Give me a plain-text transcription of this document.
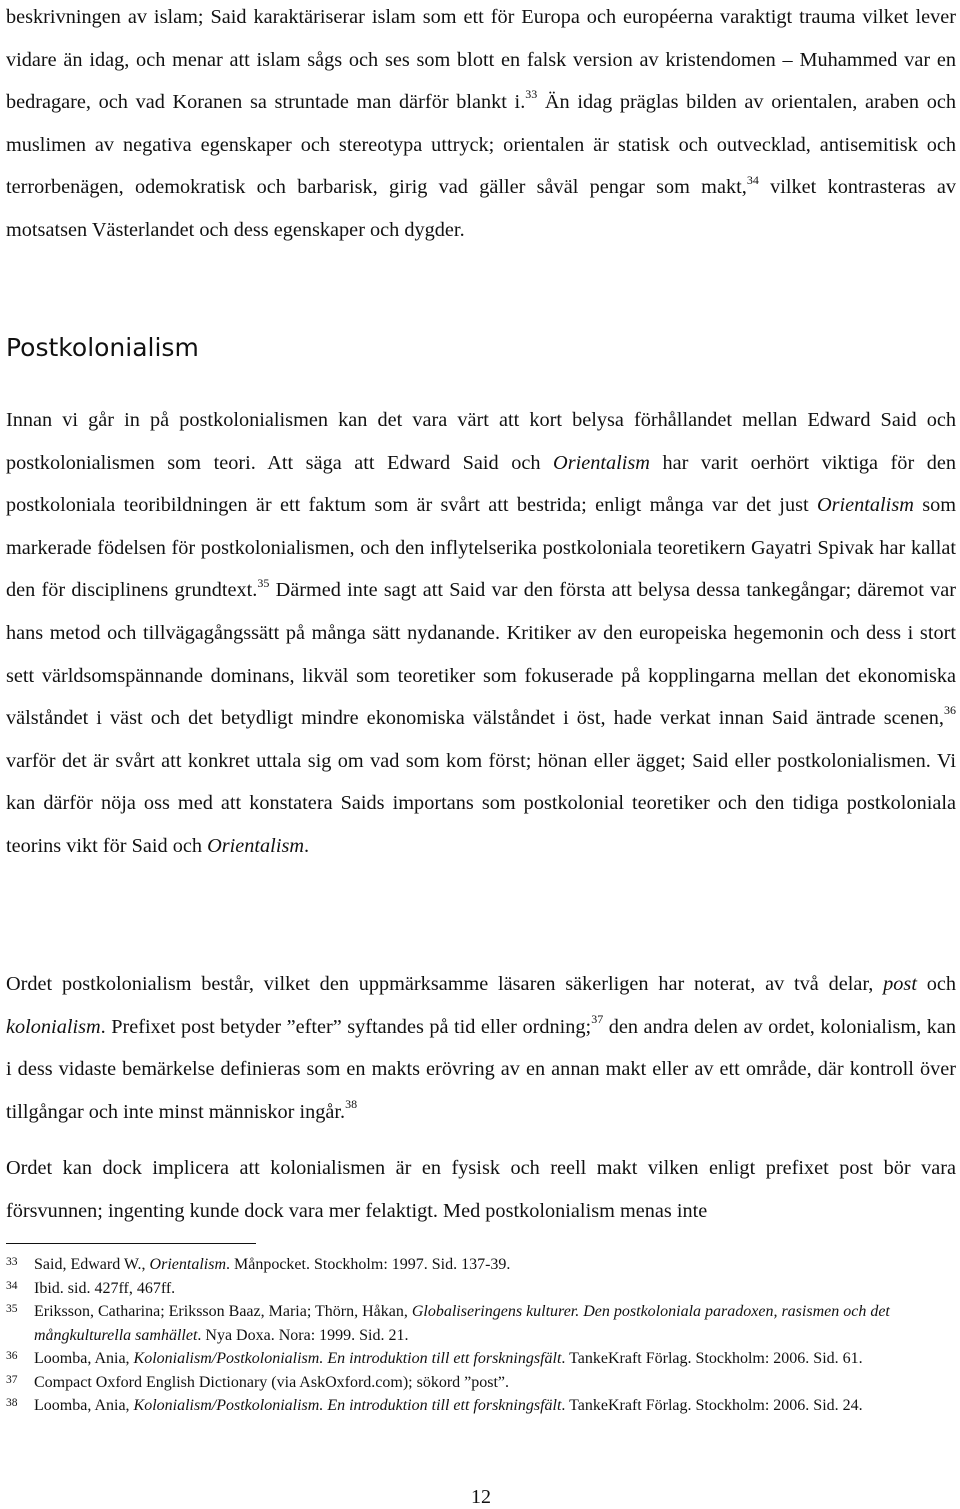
beskrivningen av islam; Said karaktäriserar islam som ett för Europa och européerna varaktigt trauma vilket lever vidare än idag, och menar att islam sågs och ses som blott en falsk version av kristendomen – Muhammed var en bedragare, och vad Koranen sa struntade man därför blankt i.$^{33}$ Än idag präglas bilden av orientalen, araben och muslimen av negativa egenskaper och stereotypa uttryck; orientalen är statisk och outvecklad, antisemitisk och terrorbenägen, odemokratisk och barbarisk, girig vad gäller såväl pengar som makt,$^{34}$ vilket kontrasteras av motsatsen Västerlandet och dess egenskaper och dygder.

Postkolonialism

Innan vi går in på postkolonialismen kan det vara värt att kort belysa förhållandet mellan Edward Said och postkolonialismen som teori. Att säga att Edward Said och Orientalism har varit oerhört viktiga för den postkoloniala teoribildningen är ett faktum som är svårt att bestrida; enligt många var det just Orientalism som markerade födelsen för postkolonialismen, och den inflytelserika postkoloniala teoretikern Gayatri Spivak har kallat den för disciplinens grundtext.$^{35}$ Därmed inte sagt att Said var den första att belysa dessa tankegångar; däremot var hans metod och tillvägagångssätt på många sätt nydanande. Kritiker av den europeiska hegemonin och dess i stort sett världsomspännande dominans, likväl som teoretiker som fokuserade på kopplingarna mellan det ekonomiska välståndet i väst och det betydligt mindre ekonomiska välståndet i öst, hade verkat innan Said äntrade scenen,$^{36}$ varför det är svårt att konkret uttala sig om vad som kom först; hönan eller ägget; Said eller postkolonialismen. Vi kan därför nöja oss med att konstatera Saids importans som postkolonial teoretiker och den tidiga postkoloniala teorins vikt för Said och Orientalism.

Ordet postkolonialism består, vilket den uppmärksamme läsaren säkerligen har noterat, av två delar, post och kolonialism. Prefixet post betyder ”efter” syftandes på tid eller ordning;$^{37}$ den andra delen av ordet, kolonialism, kan i dess vidaste bemärkelse definieras som en makts erövring av en annan makt eller av ett område, där kontroll över tillgångar och inte minst människor ingår.$^{38}$

Ordet kan dock implicera att kolonialismen är en fysisk och reell makt vilken enligt prefixet post bör vara försvunnen; ingenting kunde dock vara mer felaktigt. Med postkolonialism menas inte

33	Said, Edward W., Orientalism. Månpocket. Stockholm: 1997. Sid. 137-39.
34	Ibid. sid. 427ff, 467ff.
35	Eriksson, Catharina; Eriksson Baaz, Maria; Thörn, Håkan, Globaliseringens kulturer. Den postkoloniala paradoxen, rasismen och det mångkulturella samhället. Nya Doxa. Nora: 1999. Sid. 21.
36	Loomba, Ania, Kolonialism/Postkolonialism. En introduktion till ett forskningsfält. TankeKraft Förlag. Stockholm: 2006. Sid. 61.
37	Compact Oxford English Dictionary (via AskOxford.com); sökord ”post”.
38	Loomba, Ania, Kolonialism/Postkolonialism. En introduktion till ett forskningsfält. TankeKraft Förlag. Stockholm: 2006. Sid. 24.
12
